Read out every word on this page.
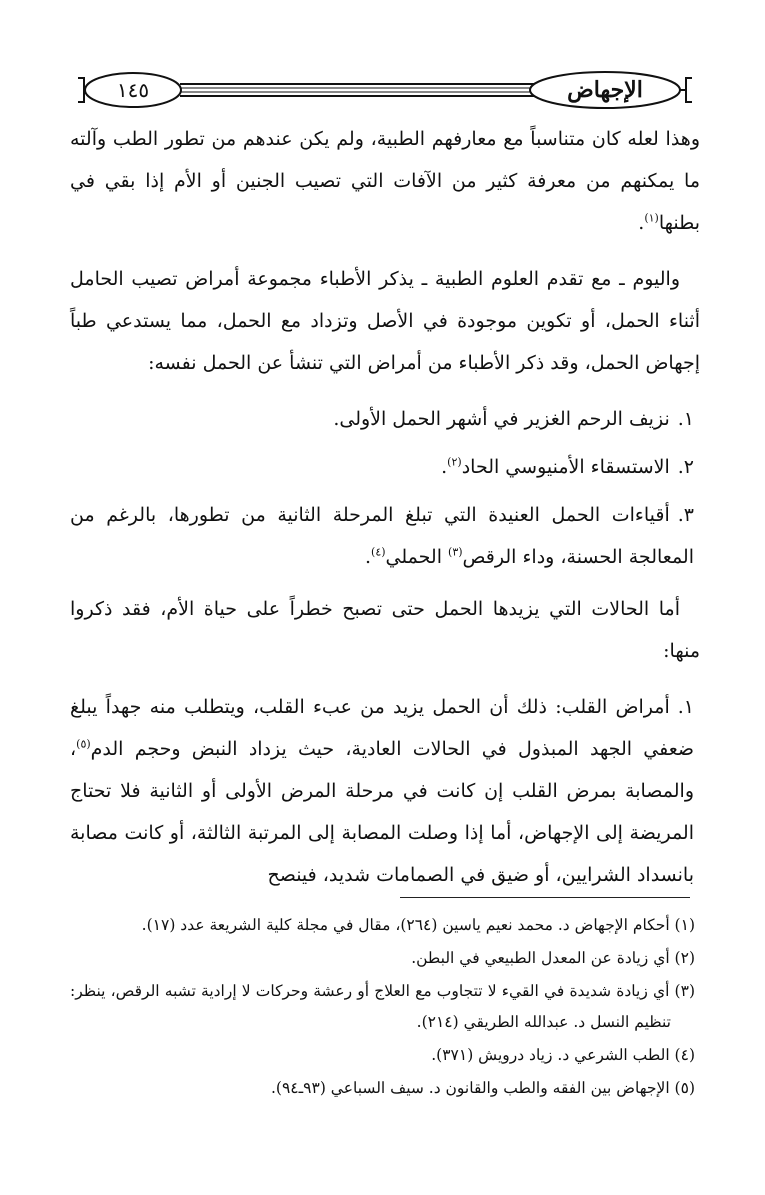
الإجهاض
١٤٥

وهذا لعله كان متناسباً مع معارفهم الطبية، ولم يكن عندهم من تطور الطب وآلته ما يمكنهم من معرفة كثير من الآفات التي تصيب الجنين أو الأم إذا بقي في بطنها$^{(١)}$.

واليوم ـ مع تقدم العلوم الطبية ـ يذكر الأطباء مجموعة أمراض تصيب الحامل أثناء الحمل، أو تكوين موجودة في الأصل وتزداد مع الحمل، مما يستدعي طباً إجهاض الحمل، وقد ذكر الأطباء من أمراض التي تنشأ عن الحمل نفسه:

١.نزيف الرحم الغزير في أشهر الحمل الأولى.
٢.الاستسقاء الأمنيوسي الحاد$^{(٢)}$.
٣.أقياءات الحمل العنيدة التي تبلغ المرحلة الثانية من تطورها، بالرغم من المعالجة الحسنة، وداء الرقص$^{(٣)}$ الحملي$^{(٤)}$.

أما الحالات التي يزيدها الحمل حتى تصبح خطراً على حياة الأم، فقد ذكروا منها:

١.أمراض القلب: ذلك أن الحمل يزيد من عبء القلب، ويتطلب منه جهداً يبلغ ضعفي الجهد المبذول في الحالات العادية، حيث يزداد النبض وحجم الدم$^{(٥)}$، والمصابة بمرض القلب إن كانت في مرحلة المرض الأولى أو الثانية فلا تحتاج المريضة إلى الإجهاض، أما إذا وصلت المصابة إلى المرتبة الثالثة، أو كانت مصابة بانسداد الشرايين، أو ضيق في الصمامات شديد، فينصح

(١) أحكام الإجهاض د. محمد نعيم ياسين (٢٦٤)، مقال في مجلة كلية الشريعة عدد (١٧).

(٢) أي زيادة عن المعدل الطبيعي في البطن.

(٣) أي زيادة شديدة في القيء لا تتجاوب مع العلاج أو رعشة وحركات لا إرادية تشبه الرقص، ينظر: تنظيم النسل د. عبدالله الطريقي (٢١٤).

(٤) الطب الشرعي د. زياد درويش (٣٧١).

(٥) الإجهاض بين الفقه والطب والقانون د. سيف السباعي (٩٣ـ٩٤).
